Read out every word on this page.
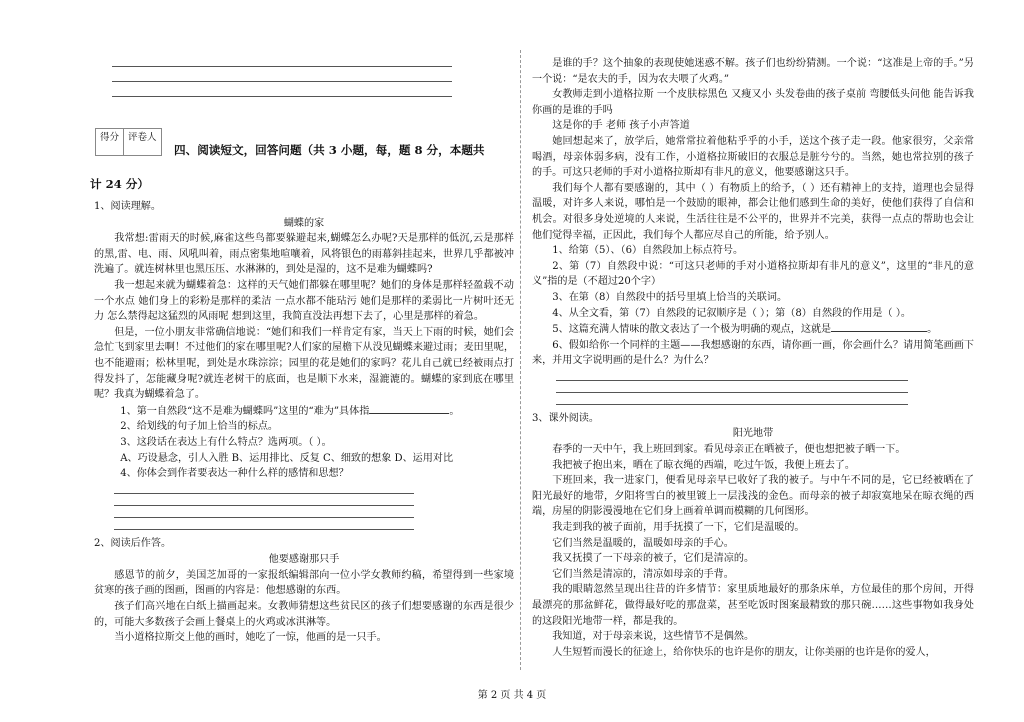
得分 评卷人
四、阅读短文，回答问题（共 3 小题，每，题 8 分，本题共
计 24 分）
1、阅读理解。
蝴蝶的家
我常想:雷雨天的时候,麻雀这些鸟都要躲避起来,蝴蝶怎么办呢?天是那样的低沉,云是那样的黑,雷、电、雨、风吼叫着，雨点密集地喧嚷着，风将银色的雨幕斜挂起来，世界几乎都被冲洗遍了。就连树林里也黑压压、水淋淋的，到处是湿的，这不是难为蝴蝶吗?
我一想起来就为蝴蝶着急：这样的天气她们都躲在哪里呢？她们的身体是那样轻盈载不动一个水点 她们身上的彩粉是那样的柔洁 一点水都不能玷污 她们是那样的柔弱比一片树叶还无力 怎么禁得起这猛烈的风雨呢 想到这里，我简直没法再想下去了，心里是那样的着急。
但是，一位小朋友非常确信地说：“她们和我们一样肯定有家，当天上下雨的时候，她们会急忙飞到家里去啊！不过他们的家在哪里呢?人们家的屋檐下从没见蝴蝶来避过雨；麦田里呢，也不能避雨；松林里呢，到处是水珠淙淙；园里的花是她们的家吗？花儿自己就已经被雨点打得发抖了，怎能藏身呢?就连老树干的底面，也是顺下水来，湿漉漉的。蝴蝶的家到底在哪里呢？我真为蝴蝶着急了。
1、第一自然段“这不是难为蝴蝶吗”这里的“难为”具体指	。
2、给划线的句子加上恰当的标点。
3、这段话在表达上有什么特点？选两项。（ ）。
A、巧设悬念，引人入胜 B、运用排比、反复 C、细致的想象 D、运用对比
4、你体会到作者要表达一种什么样的感情和思想？
2、阅读后作答。
他要感谢那只手
感恩节的前夕，美国芝加哥的一家报纸编辑部向一位小学女教师约稿，希望得到一些家境贫寒的孩子画的图画，图画的内容是：他想感谢的东西。
孩子们高兴地在白纸上描画起来。女教师猜想这些贫民区的孩子们想要感谢的东西是很少的，可能大多数孩子会画上餐桌上的火鸡或冰淇淋等。
当小道格拉斯交上他的画时，她吃了一惊，他画的是一只手。
是谁的手？这个抽象的表现使她迷惑不解。孩子们也纷纷猜测。一个说：“这准是上帝的手。”另一个说：“是农夫的手，因为农夫喂了火鸡。”
女教师走到小道格拉斯 一个皮肤棕黑色 又瘦又小 头发卷曲的孩子桌前 弯腰低头问他 能告诉我你画的是谁的手吗
这是你的手 老师 孩子小声答道
她回想起来了，放学后，她常常拉着他粘乎乎的小手，送这个孩子走一段。他家很穷，父亲常喝酒，母亲体弱多病，没有工作，小道格拉斯破旧的衣服总是脏兮兮的。当然，她也常拉别的孩子的手。可这只老师的手对小道格拉斯却有非凡的意义，他要感谢这只手。
我们每个人都有要感谢的，其中（ ）有物质上的给予，（ ）还有精神上的支持，道理也会显得温暖，对许多人来说，哪怕是一个鼓励的眼神，都会让他们感到生命的美好，使他们获得了自信和机会。对很多身处逆境的人来说，生活往往是不公平的，世界并不完美，获得一点点的帮助也会让他们觉得幸福，正因此，我们每个人都应尽自己的所能，给予别人。
1、给第（5）、（6）自然段加上标点符号。
2、第（7）自然段中说：“可这只老师的手对小道格拉斯却有非凡的意义”，这里的“非凡的意义”指的是（不超过20个字）
3、在第（8）自然段中的括号里填上恰当的关联词。
4、从全文看，第（7）自然段的记叙顺序是（ ）；第（8）自然段的作用是（ ）。
5、这篇充满人情味的散文表达了一个极为明确的观点，这就是	。
6、假如给你一个同样的主题——我想感谢的东西，请你画一画，你会画什么？请用简笔画画下来，并用文字说明画的是什么？为什么？
3、课外阅读。
阳光地带
春季的一天中午，我上班回到家。看见母亲正在晒被子，便也想把被子晒一下。
我把被子抱出来，晒在了晾衣绳的西端，吃过午饭，我便上班去了。
下班回来，我一进家门，便看见母亲早已收好了我的被子。与中午不同的是，它已经被晒在了阳光最好的地带，夕阳将雪白的被里镀上一层浅浅的金色。而母亲的被子却寂寞地呆在晾衣绳的西端，房屋的阴影漫漫地在它们身上画着单调而模糊的几何图形。
我走到我的被子面前，用手抚摸了一下，它们是温暖的。
它们当然是温暖的，温暖如母亲的手心。
我又抚摸了一下母亲的被子，它们是清凉的。
它们当然是清凉的，清凉如母亲的手背。
我的眼睛忽然呈现出往昔的许多情节：家里质地最好的那条床单，方位最佳的那个房间，开得最漂亮的那盆鲜花，做得最好吃的那盘菜，甚至吃饭时图案最精致的那只碗……这些事物如我身处的这段阳光地带一样，都是我的。
我知道，对于母亲来说，这些情节不是偶然。
人生短暂而漫长的征途上，给你快乐的也许是你的朋友，让你美丽的也许是你的爱人，
第 2 页 共 4 页
